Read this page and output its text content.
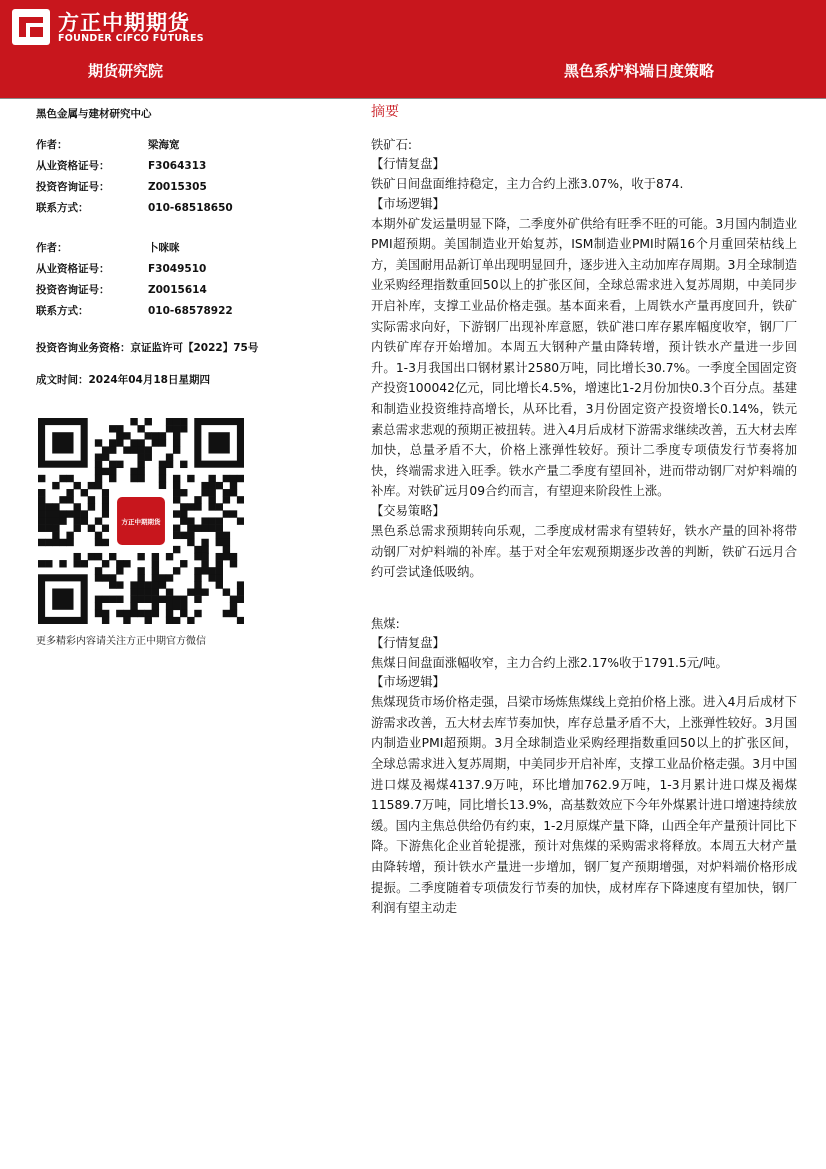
方正中期期货
FOUNDER CIFCO FUTURES
期货研究院	黑色系炉料端日度策略
黑色金属与建材研究中心
作者：	梁海宽
从业资格证号：	F3064313
投资咨询证号：	Z0015305
联系方式：	010-68518650
作者：	卜咪咪
从业资格证号：	F3049510
投资咨询证号：	Z0015614
联系方式：	010-68578922
投资咨询业务资格：京证监许可【2022】75号
成文时间：2024年04月18日星期四
方正中期期货
更多精彩内容请关注方正中期官方微信
摘要
铁矿石:
【行情复盘】

铁矿日间盘面维持稳定，主力合约上涨3.07%，收于874.

【市场逻辑】

本期外矿发运量明显下降，二季度外矿供给有旺季不旺的可能。3月国内制造业PMI超预期。美国制造业开始复苏，ISM制造业PMI时隔16个月重回荣枯线上方，美国耐用品新订单出现明显回升，逐步进入主动加库存周期。3月全球制造业采购经理指数重回50以上的扩张区间，全球总需求进入复苏周期，中美同步开启补库，支撑工业品价格走强。基本面来看，上周铁水产量再度回升，铁矿实际需求向好，下游钢厂出现补库意愿，铁矿港口库存累库幅度收窄，钢厂厂内铁矿库存开始增加。本周五大钢种产量由降转增，预计铁水产量进一步回升。1-3月我国出口钢材累计2580万吨，同比增长30.7%。一季度全国固定资产投资100042亿元，同比增长4.5%，增速比1-2月份加快0.3个百分点。基建和制造业投资维持高增长，从环比看，3月份固定资产投资增长0.14%，铁元素总需求悲观的预期正被扭转。进入4月后成材下游需求继续改善，五大材去库加快，总量矛盾不大，价格上涨弹性较好。预计二季度专项债发行节奏将加快，终端需求进入旺季。铁水产量二季度有望回补，进而带动钢厂对炉料端的补库。对铁矿远月09合约而言，有望迎来阶段性上涨。

【交易策略】

黑色系总需求预期转向乐观，二季度成材需求有望转好，铁水产量的回补将带动钢厂对炉料端的补库。基于对全年宏观预期逐步改善的判断，铁矿石远月合约可尝试逢低吸纳。

焦煤:
【行情复盘】

焦煤日间盘面涨幅收窄，主力合约上涨2.17%收于1791.5元/吨。

【市场逻辑】

焦煤现货市场价格走强，吕梁市场炼焦煤线上竞拍价格上涨。进入4月后成材下游需求改善，五大材去库节奏加快，库存总量矛盾不大，上涨弹性较好。3月国内制造业PMI超预期。3月全球制造业采购经理指数重回50以上的扩张区间，全球总需求进入复苏周期，中美同步开启补库，支撑工业品价格走强。3月中国进口煤及褐煤4137.9万吨，环比增加762.9万吨，1-3月累计进口煤及褐煤11589.7万吨，同比增长13.9%，高基数效应下今年外煤累计进口增速持续放缓。国内主焦总供给仍有约束，1-2月原煤产量下降，山西全年产量预计同比下降。下游焦化企业首轮提涨，预计对焦煤的采购需求将释放。本周五大材产量由降转增，预计铁水产量进一步增加，钢厂复产预期增强，对炉料端价格形成提振。二季度随着专项债发行节奏的加快，成材库存下降速度有望加快，钢厂利润有望主动走
